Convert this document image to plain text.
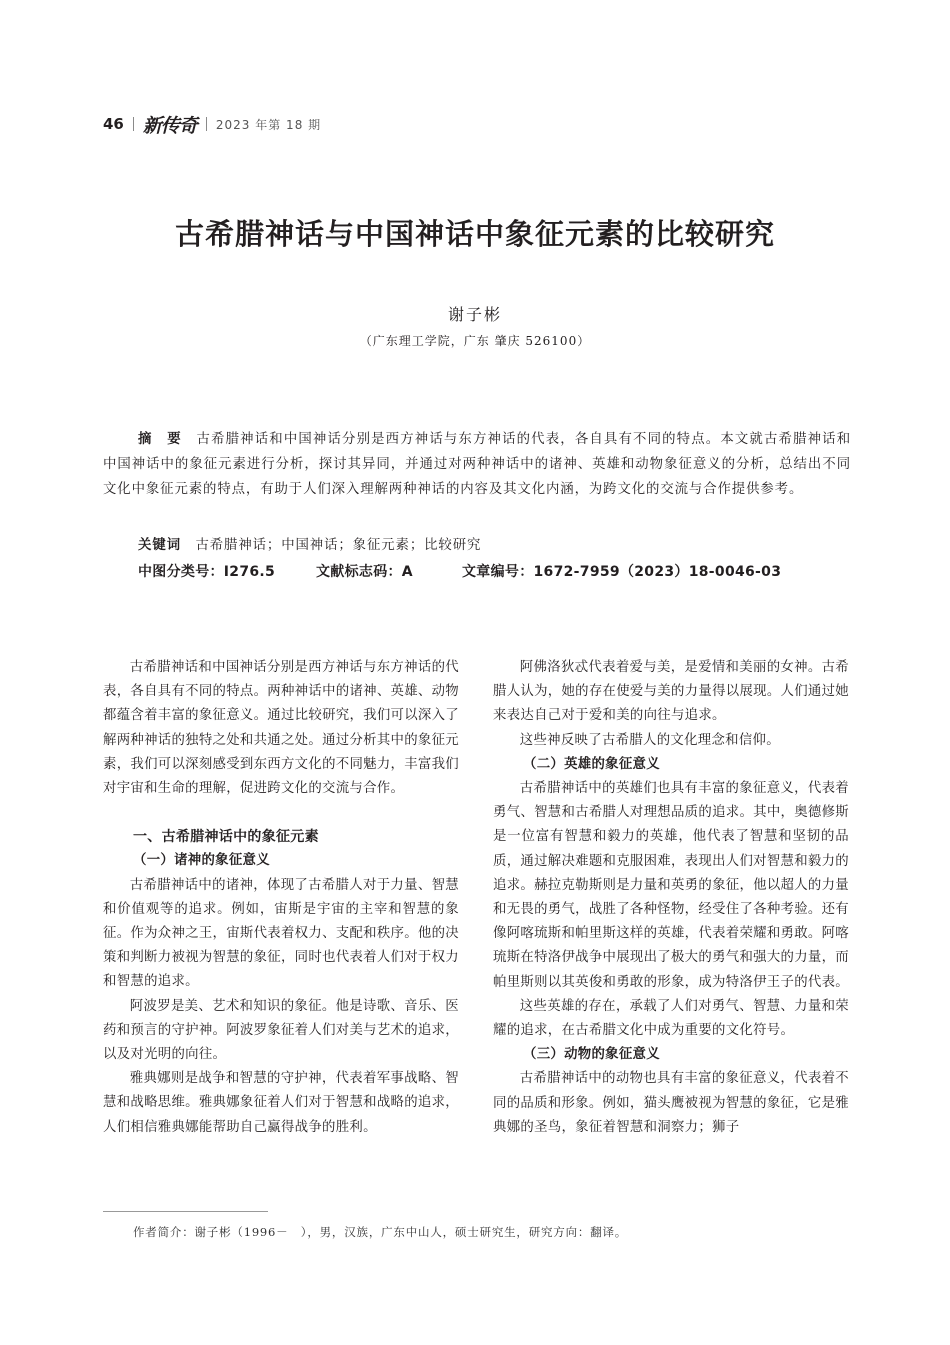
46 新传奇 2023 年第 18 期
古希腊神话与中国神话中象征元素的比较研究
谢子彬
（广东理工学院，广东 肇庆 526100）

摘　要　 古希腊神话和中国神话分别是西方神话与东方神话的代表，各自具有不同的特点。本文就古希腊神话和中国神话中的象征元素进行分析，探讨其异同，并通过对两种神话中的诸神、英雄和动物象征意义的分析，总结出不同文化中象征元素的特点，有助于人们深入理解两种神话的内容及其文化内涵，为跨文化的交流与合作提供参考。

关键词　 古希腊神话；中国神话；象征元素；比较研究
中图分类号：I276.5	文献标志码：A	文章编号：1672-7959（2023）18-0046-03

古希腊神话和中国神话分别是西方神话与东方神话的代表，各自具有不同的特点。两种神话中的诸神、英雄、动物都蕴含着丰富的象征意义。通过比较研究，我们可以深入了解两种神话的独特之处和共通之处。通过分析其中的象征元素，我们可以深刻感受到东西方文化的不同魅力，丰富我们对宇宙和生命的理解，促进跨文化的交流与合作。

一、古希腊神话中的象征元素
（一）诸神的象征意义

古希腊神话中的诸神，体现了古希腊人对于力量、智慧和价值观等的追求。例如，宙斯是宇宙的主宰和智慧的象征。作为众神之王，宙斯代表着权力、支配和秩序。他的决策和判断力被视为智慧的象征，同时也代表着人们对于权力和智慧的追求。

阿波罗是美、艺术和知识的象征。他是诗歌、音乐、医药和预言的守护神。阿波罗象征着人们对美与艺术的追求，以及对光明的向往。

雅典娜则是战争和智慧的守护神，代表着军事战略、智慧和战略思维。雅典娜象征着人们对于智慧和战略的追求，人们相信雅典娜能帮助自己赢得战争的胜利。

阿佛洛狄忒代表着爱与美，是爱情和美丽的女神。古希腊人认为，她的存在使爱与美的力量得以展现。人们通过她来表达自己对于爱和美的向往与追求。

这些神反映了古希腊人的文化理念和信仰。

（二）英雄的象征意义

古希腊神话中的英雄们也具有丰富的象征意义，代表着勇气、智慧和古希腊人对理想品质的追求。其中，奥德修斯是一位富有智慧和毅力的英雄，他代表了智慧和坚韧的品质，通过解决难题和克服困难，表现出人们对智慧和毅力的追求。赫拉克勒斯则是力量和英勇的象征，他以超人的力量和无畏的勇气，战胜了各种怪物，经受住了各种考验。还有像阿喀琉斯和帕里斯这样的英雄，代表着荣耀和勇敢。阿喀琉斯在特洛伊战争中展现出了极大的勇气和强大的力量，而帕里斯则以其英俊和勇敢的形象，成为特洛伊王子的代表。

这些英雄的存在，承载了人们对勇气、智慧、力量和荣耀的追求，在古希腊文化中成为重要的文化符号。

（三）动物的象征意义

古希腊神话中的动物也具有丰富的象征意义，代表着不同的品质和形象。例如，猫头鹰被视为智慧的象征，它是雅典娜的圣鸟，象征着智慧和洞察力；狮子

作者简介：谢子彬（1996－　），男，汉族，广东中山人，硕士研究生，研究方向：翻译。
